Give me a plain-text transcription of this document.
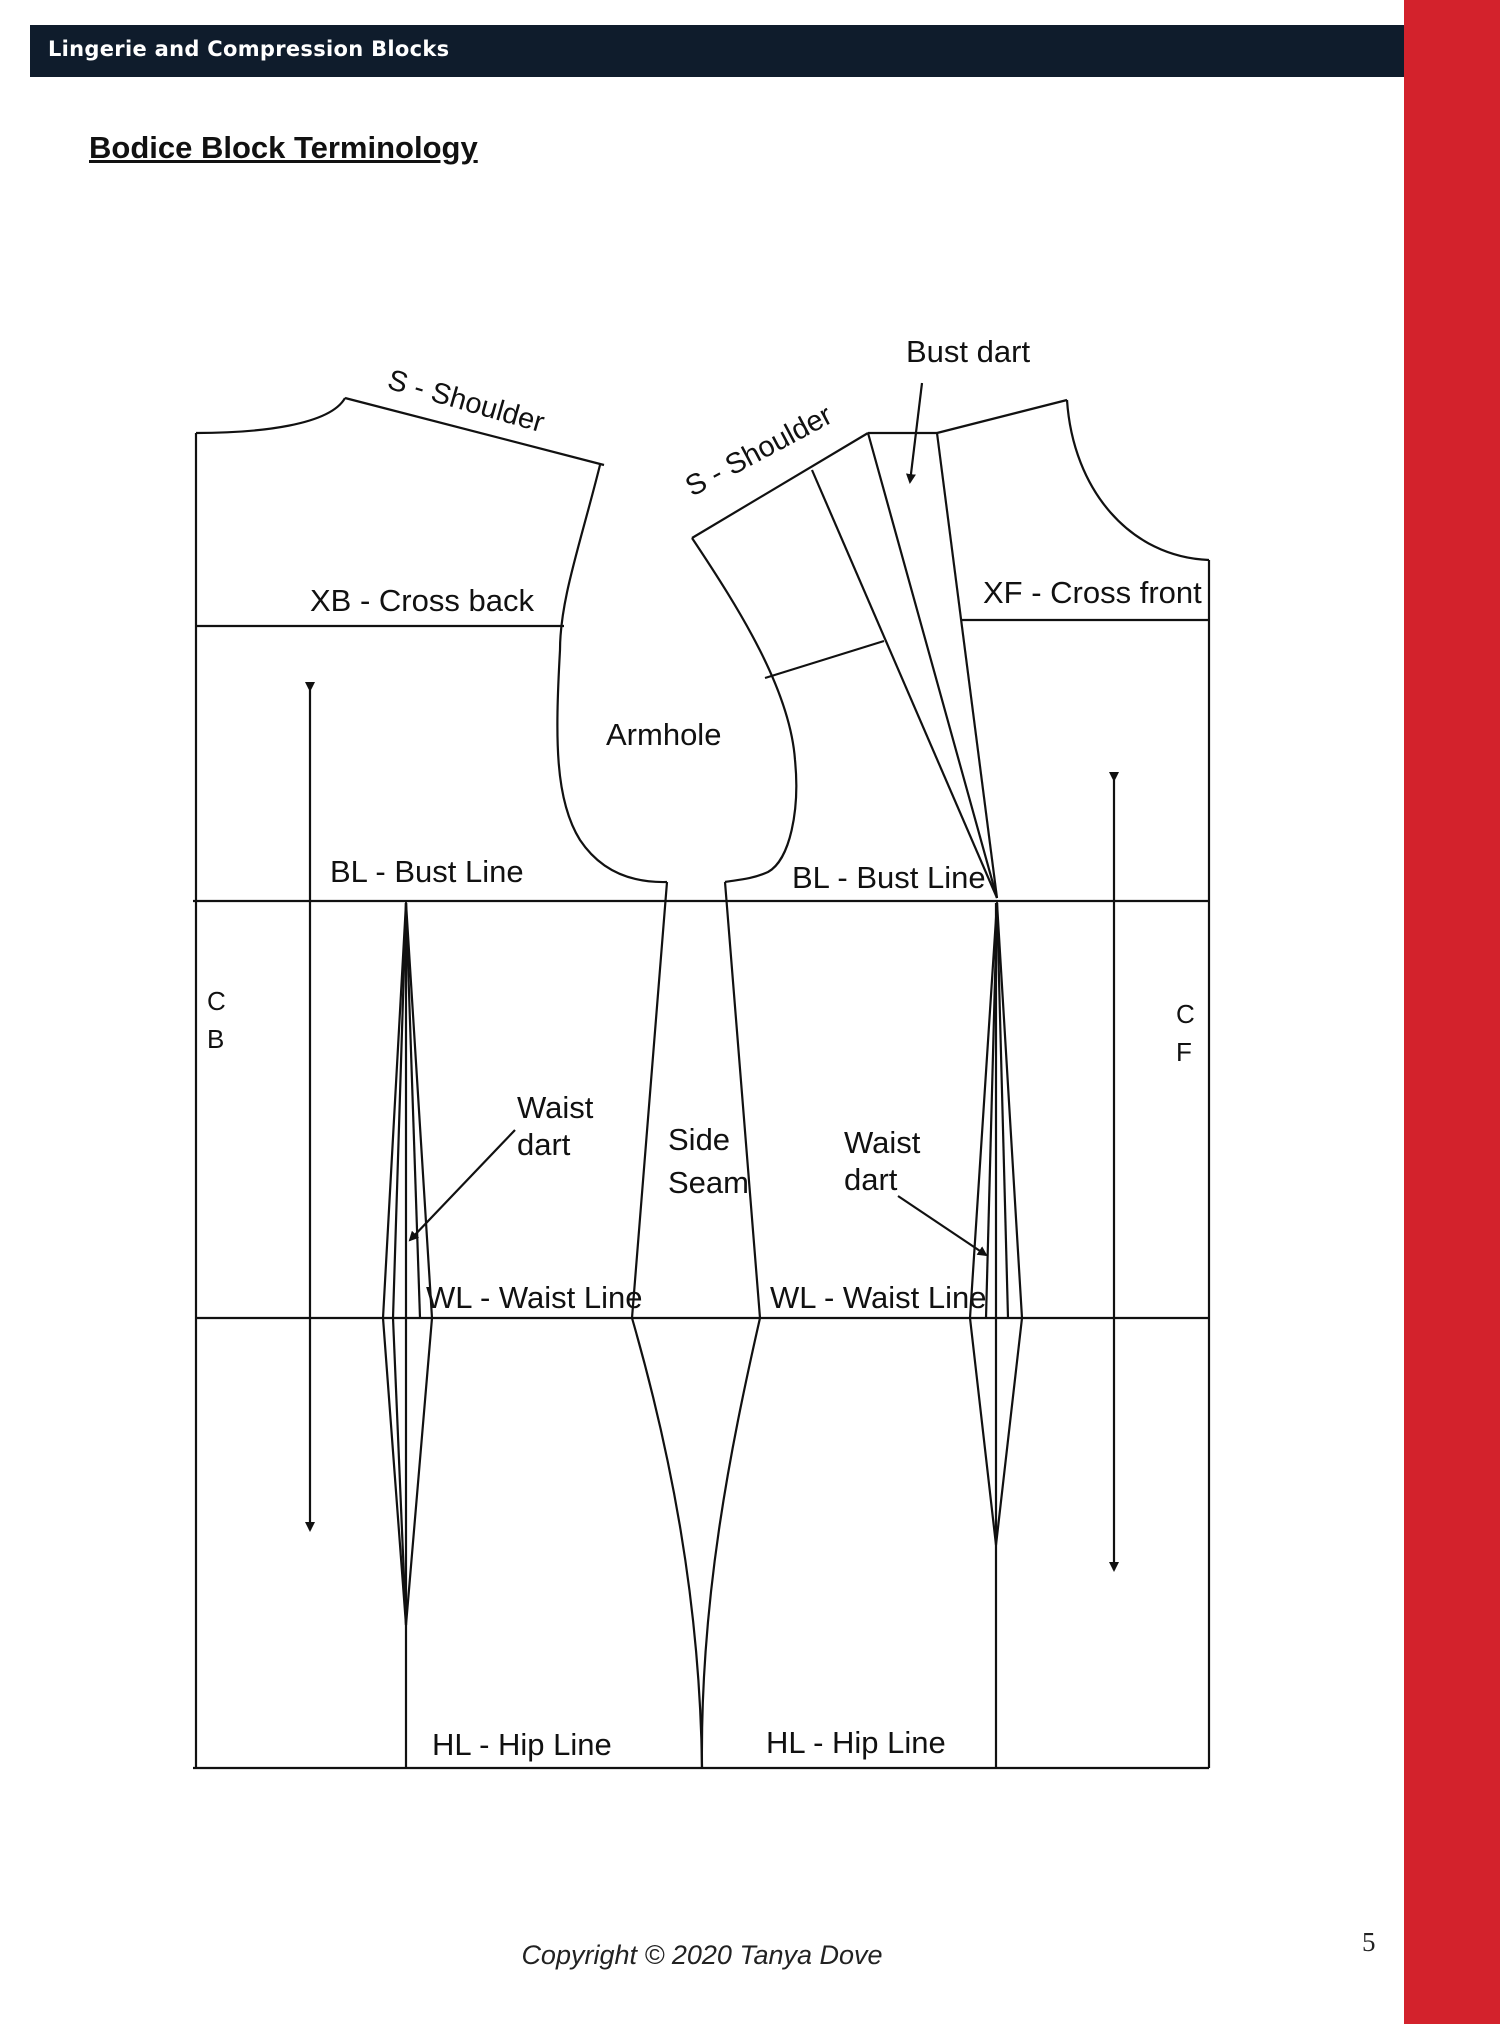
Lingerie and Compression Blocks
Bodice Block Terminology
S - Shoulder	S - Shoulder
Bust dart
XB - Cross back	XF - Cross front
Armhole
BL - Bust Line	BL - Bust Line
C
B
C
F
Waist
dart	Side
Seam
Waist
dart
WL - Waist Line	WL - Waist Line
HL - Hip Line	HL - Hip Line
Copyright © 2020 Tanya Dove	5
